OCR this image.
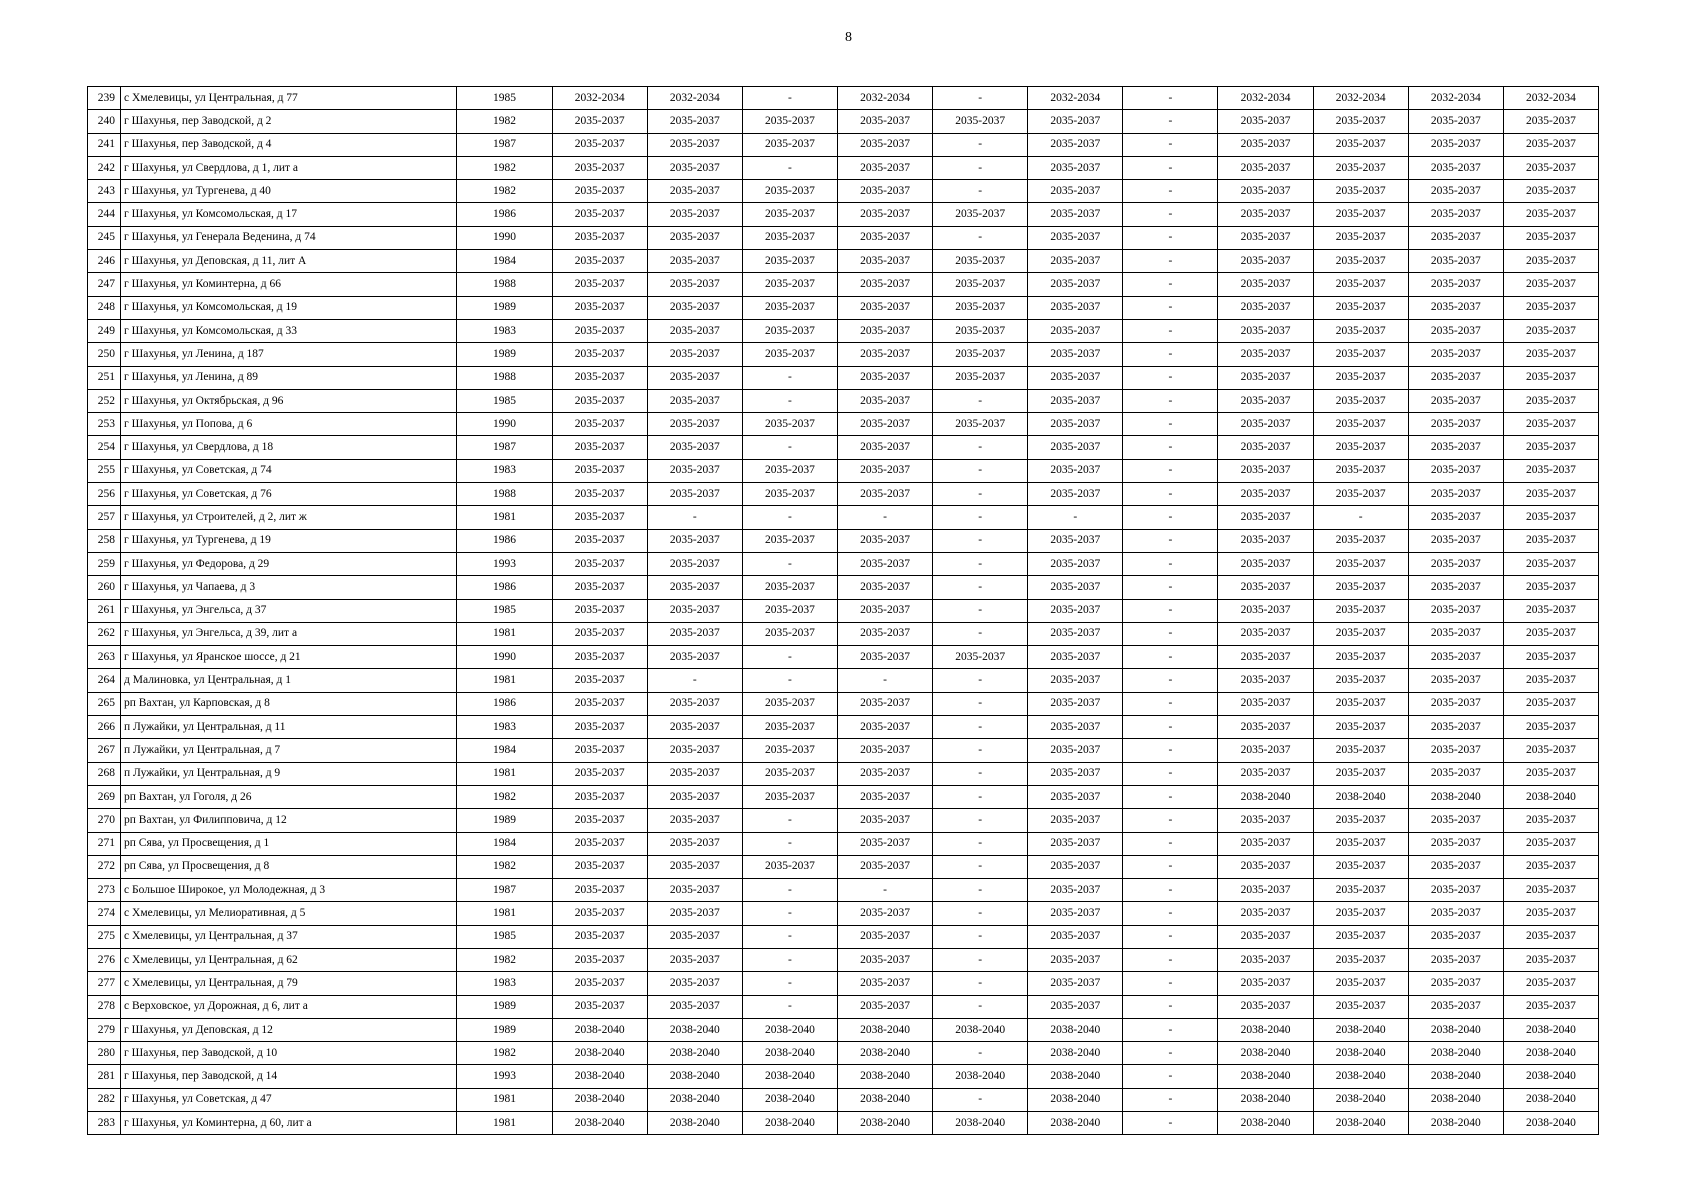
8
239	с Хмелевицы, ул Центральная, д 77	1985	2032-2034	2032-2034	-	2032-2034	-	2032-2034	-	2032-2034	2032-2034	2032-2034	2032-2034
240	г Шахунья, пер Заводской, д 2	1982	2035-2037	2035-2037	2035-2037	2035-2037	2035-2037	2035-2037	-	2035-2037	2035-2037	2035-2037	2035-2037
241	г Шахунья, пер Заводской, д 4	1987	2035-2037	2035-2037	2035-2037	2035-2037	-	2035-2037	-	2035-2037	2035-2037	2035-2037	2035-2037
242	г Шахунья, ул Свердлова, д 1, лит а	1982	2035-2037	2035-2037	-	2035-2037	-	2035-2037	-	2035-2037	2035-2037	2035-2037	2035-2037
243	г Шахунья, ул Тургенева, д 40	1982	2035-2037	2035-2037	2035-2037	2035-2037	-	2035-2037	-	2035-2037	2035-2037	2035-2037	2035-2037
244	г Шахунья, ул Комсомольская, д 17	1986	2035-2037	2035-2037	2035-2037	2035-2037	2035-2037	2035-2037	-	2035-2037	2035-2037	2035-2037	2035-2037
245	г Шахунья, ул Генерала Веденина, д 74	1990	2035-2037	2035-2037	2035-2037	2035-2037	-	2035-2037	-	2035-2037	2035-2037	2035-2037	2035-2037
246	г Шахунья, ул Деповская, д 11, лит А	1984	2035-2037	2035-2037	2035-2037	2035-2037	2035-2037	2035-2037	-	2035-2037	2035-2037	2035-2037	2035-2037
247	г Шахунья, ул Коминтерна, д 66	1988	2035-2037	2035-2037	2035-2037	2035-2037	2035-2037	2035-2037	-	2035-2037	2035-2037	2035-2037	2035-2037
248	г Шахунья, ул Комсомольская, д 19	1989	2035-2037	2035-2037	2035-2037	2035-2037	2035-2037	2035-2037	-	2035-2037	2035-2037	2035-2037	2035-2037
249	г Шахунья, ул Комсомольская, д 33	1983	2035-2037	2035-2037	2035-2037	2035-2037	2035-2037	2035-2037	-	2035-2037	2035-2037	2035-2037	2035-2037
250	г Шахунья, ул Ленина, д 187	1989	2035-2037	2035-2037	2035-2037	2035-2037	2035-2037	2035-2037	-	2035-2037	2035-2037	2035-2037	2035-2037
251	г Шахунья, ул Ленина, д 89	1988	2035-2037	2035-2037	-	2035-2037	2035-2037	2035-2037	-	2035-2037	2035-2037	2035-2037	2035-2037
252	г Шахунья, ул Октябрьская, д 96	1985	2035-2037	2035-2037	-	2035-2037	-	2035-2037	-	2035-2037	2035-2037	2035-2037	2035-2037
253	г Шахунья, ул Попова, д 6	1990	2035-2037	2035-2037	2035-2037	2035-2037	2035-2037	2035-2037	-	2035-2037	2035-2037	2035-2037	2035-2037
254	г Шахунья, ул Свердлова, д 18	1987	2035-2037	2035-2037	-	2035-2037	-	2035-2037	-	2035-2037	2035-2037	2035-2037	2035-2037
255	г Шахунья, ул Советская, д 74	1983	2035-2037	2035-2037	2035-2037	2035-2037	-	2035-2037	-	2035-2037	2035-2037	2035-2037	2035-2037
256	г Шахунья, ул Советская, д 76	1988	2035-2037	2035-2037	2035-2037	2035-2037	-	2035-2037	-	2035-2037	2035-2037	2035-2037	2035-2037
257	г Шахунья, ул Строителей, д 2, лит ж	1981	2035-2037	-	-	-	-	-	-	2035-2037	-	2035-2037	2035-2037
258	г Шахунья, ул Тургенева, д 19	1986	2035-2037	2035-2037	2035-2037	2035-2037	-	2035-2037	-	2035-2037	2035-2037	2035-2037	2035-2037
259	г Шахунья, ул Федорова, д 29	1993	2035-2037	2035-2037	-	2035-2037	-	2035-2037	-	2035-2037	2035-2037	2035-2037	2035-2037
260	г Шахунья, ул Чапаева, д 3	1986	2035-2037	2035-2037	2035-2037	2035-2037	-	2035-2037	-	2035-2037	2035-2037	2035-2037	2035-2037
261	г Шахунья, ул Энгельса, д 37	1985	2035-2037	2035-2037	2035-2037	2035-2037	-	2035-2037	-	2035-2037	2035-2037	2035-2037	2035-2037
262	г Шахунья, ул Энгельса, д 39, лит а	1981	2035-2037	2035-2037	2035-2037	2035-2037	-	2035-2037	-	2035-2037	2035-2037	2035-2037	2035-2037
263	г Шахунья, ул Яранское шоссе, д 21	1990	2035-2037	2035-2037	-	2035-2037	2035-2037	2035-2037	-	2035-2037	2035-2037	2035-2037	2035-2037
264	д Малиновка, ул Центральная, д 1	1981	2035-2037	-	-	-	-	2035-2037	-	2035-2037	2035-2037	2035-2037	2035-2037
265	рп Вахтан, ул Карповская, д 8	1986	2035-2037	2035-2037	2035-2037	2035-2037	-	2035-2037	-	2035-2037	2035-2037	2035-2037	2035-2037
266	п Лужайки, ул Центральная, д 11	1983	2035-2037	2035-2037	2035-2037	2035-2037	-	2035-2037	-	2035-2037	2035-2037	2035-2037	2035-2037
267	п Лужайки, ул Центральная, д 7	1984	2035-2037	2035-2037	2035-2037	2035-2037	-	2035-2037	-	2035-2037	2035-2037	2035-2037	2035-2037
268	п Лужайки, ул Центральная, д 9	1981	2035-2037	2035-2037	2035-2037	2035-2037	-	2035-2037	-	2035-2037	2035-2037	2035-2037	2035-2037
269	рп Вахтан, ул Гоголя, д 26	1982	2035-2037	2035-2037	2035-2037	2035-2037	-	2035-2037	-	2038-2040	2038-2040	2038-2040	2038-2040
270	рп Вахтан, ул Филипповича, д 12	1989	2035-2037	2035-2037	-	2035-2037	-	2035-2037	-	2035-2037	2035-2037	2035-2037	2035-2037
271	рп Сява, ул Просвещения, д 1	1984	2035-2037	2035-2037	-	2035-2037	-	2035-2037	-	2035-2037	2035-2037	2035-2037	2035-2037
272	рп Сява, ул Просвещения, д 8	1982	2035-2037	2035-2037	2035-2037	2035-2037	-	2035-2037	-	2035-2037	2035-2037	2035-2037	2035-2037
273	с Большое Широкое, ул Молодежная, д 3	1987	2035-2037	2035-2037	-	-	-	2035-2037	-	2035-2037	2035-2037	2035-2037	2035-2037
274	с Хмелевицы, ул Мелиоративная, д 5	1981	2035-2037	2035-2037	-	2035-2037	-	2035-2037	-	2035-2037	2035-2037	2035-2037	2035-2037
275	с Хмелевицы, ул Центральная, д 37	1985	2035-2037	2035-2037	-	2035-2037	-	2035-2037	-	2035-2037	2035-2037	2035-2037	2035-2037
276	с Хмелевицы, ул Центральная, д 62	1982	2035-2037	2035-2037	-	2035-2037	-	2035-2037	-	2035-2037	2035-2037	2035-2037	2035-2037
277	с Хмелевицы, ул Центральная, д 79	1983	2035-2037	2035-2037	-	2035-2037	-	2035-2037	-	2035-2037	2035-2037	2035-2037	2035-2037
278	с Верховское, ул Дорожная, д 6, лит а	1989	2035-2037	2035-2037	-	2035-2037	-	2035-2037	-	2035-2037	2035-2037	2035-2037	2035-2037
279	г Шахунья, ул Деповская, д 12	1989	2038-2040	2038-2040	2038-2040	2038-2040	2038-2040	2038-2040	-	2038-2040	2038-2040	2038-2040	2038-2040
280	г Шахунья, пер Заводской, д 10	1982	2038-2040	2038-2040	2038-2040	2038-2040	-	2038-2040	-	2038-2040	2038-2040	2038-2040	2038-2040
281	г Шахунья, пер Заводской, д 14	1993	2038-2040	2038-2040	2038-2040	2038-2040	2038-2040	2038-2040	-	2038-2040	2038-2040	2038-2040	2038-2040
282	г Шахунья, ул Советская, д 47	1981	2038-2040	2038-2040	2038-2040	2038-2040	-	2038-2040	-	2038-2040	2038-2040	2038-2040	2038-2040
283	г Шахунья, ул Коминтерна, д 60, лит а	1981	2038-2040	2038-2040	2038-2040	2038-2040	2038-2040	2038-2040	-	2038-2040	2038-2040	2038-2040	2038-2040
